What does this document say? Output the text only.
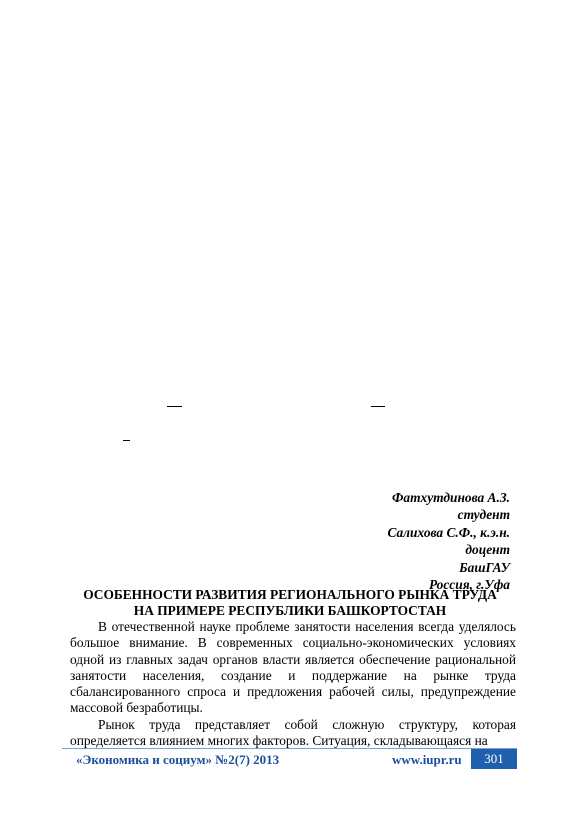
Фатхутдинова А.З.
студент
Салихова С.Ф., к.э.н.
доцент
БашГАУ
Россия, г.Уфа
ОСОБЕННОСТИ РАЗВИТИЯ РЕГИОНАЛЬНОГО РЫНКА ТРУДА
НА ПРИМЕРЕ РЕСПУБЛИКИ БАШКОРТОСТАН

В отечественной науке проблеме занятости населения всегда уделялось большое внимание. В современных социально-экономических условиях одной из главных задач органов власти является обеспечение рациональной занятости населения, создание и поддержание на рынке труда сбалансированного спроса и предложения рабочей силы, предупреждение массовой безработицы.

Рынок труда представляет собой сложную структуру, которая определяется влиянием многих факторов. Ситуация, складывающаяся на

«Экономика и социум» №2(7) 2013	www.iupr.ru	301
